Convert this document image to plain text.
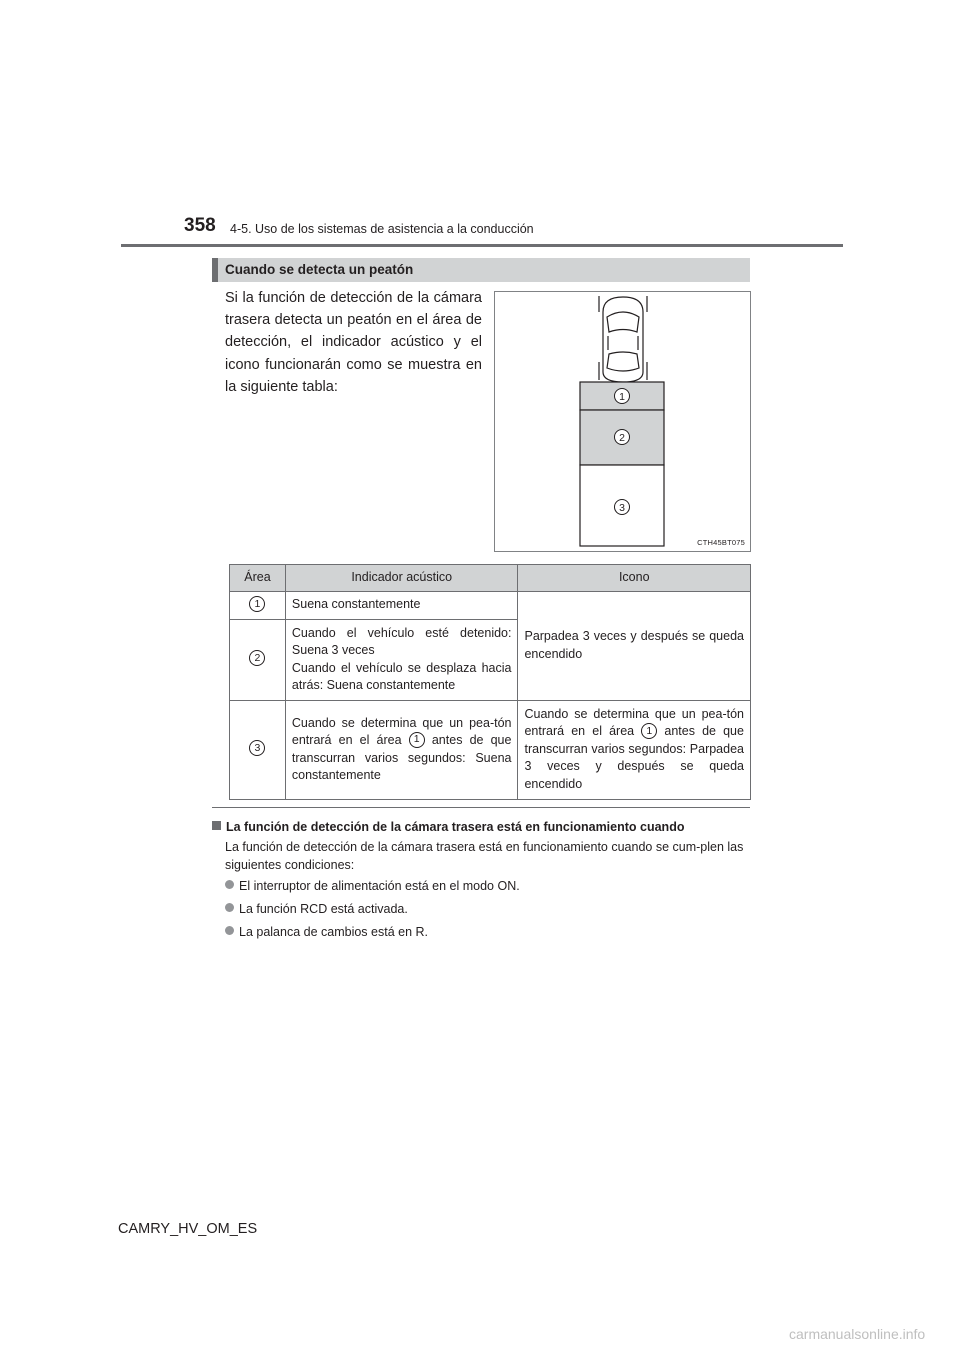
358 4-5. Uso de los sistemas de asistencia a la conducción
Cuando se detecta un peatón

Si la función de detección de la cámara trasera detecta un peatón en el área de detección, el indicador acústico y el icono funcionarán como se muestra en la siguiente tabla:

1
2
3
CTH45BT075
Área	Indicador acústico	Icono
1	Suena constantemente	Parpadea 3 veces y después se queda encendido
2	Cuando el vehículo esté detenido: Suena 3 veces
Cuando el vehículo se desplaza hacia atrás: Suena constantemente	
3	Cuando se determina que un pea-tón entrará en el área 1 antes de que transcurran varios segundos: Suena constantemente	Cuando se determina que un pea-tón entrará en el área 1 antes de que transcurran varios segundos: Parpadea 3 veces y después se queda encendido
La función de detección de la cámara trasera está en funcionamiento cuando

La función de detección de la cámara trasera está en funcionamiento cuando se cum-plen las siguientes condiciones:

El interruptor de alimentación está en el modo ON.
La función RCD está activada.
La palanca de cambios está en R.
CAMRY_HV_OM_ES
carmanualsonline.info
